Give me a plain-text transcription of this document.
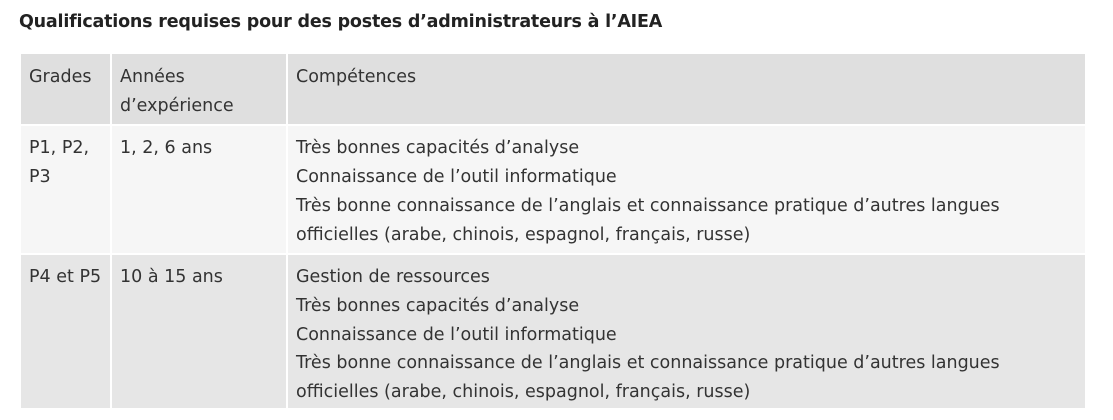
Qualifications requises pour des postes d’administrateurs à l’AIEA
Grades	Années d’expérience	Compétences
P1, P2, P3	1, 2, 6 ans	Très bonnes capacités d’analyse
Connaissance de l’outil informatique
Très bonne connaissance de l’anglais et connaissance pratique d’autres langues officielles (arabe, chinois, espagnol, français, russe)

P4 et P5	10 à 15 ans	Gestion de ressources
Très bonnes capacités d’analyse
Connaissance de l’outil informatique
Très bonne connaissance de l’anglais et connaissance pratique d’autres langues officielles (arabe, chinois, espagnol, français, russe)
